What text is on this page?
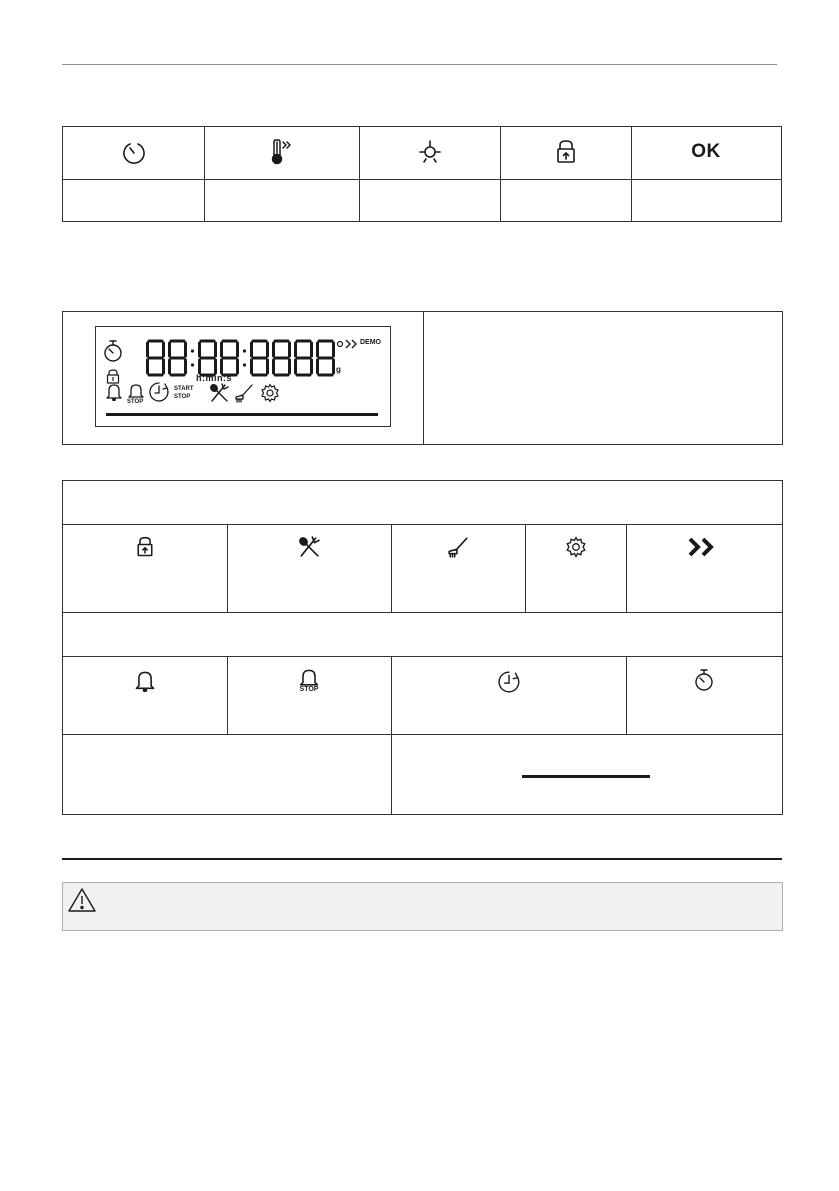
OK
h:min:s
g
DEMO
STOP
START
STOP
STOP
